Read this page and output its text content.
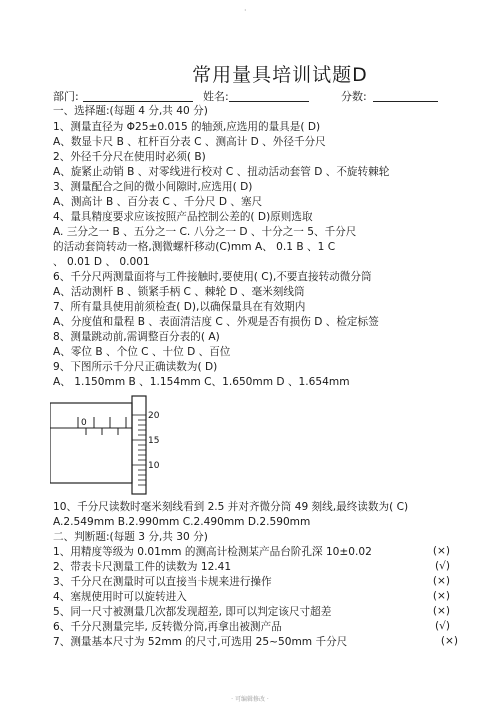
·
常用量具培训试题D
部门:	姓名:	分数:
一、选择题:(每题 4 分,共 40 分)
1、测量直径为 Φ25±0.015 的轴颈,应选用的量具是( D)
A、数显卡尺 B 、杠杆百分表 C 、测高计 D 、外径千分尺
2、外径千分尺在使用时必须( B)
A、旋紧止动销 B 、对零线进行校对 C 、扭动活动套管 D 、不旋转棘轮
3、测量配合之间的微小间隙时,应选用( D)
A、测高计 B 、百分表 C 、千分尺 D 、塞尺
4、量具精度要求应该按照产品控制公差的( D)原则选取
A. 三分之一 B 、五分之一 C. 八分之一 D 、十分之一 5、千分尺
的活动套筒转动一格,测微螺杆移动(C)mm A、 0.1 B 、1 C
、 0.01 D 、 0.001
6、千分尺两测量面将与工件接触时,要使用( C),不要直接转动微分筒
A、活动测杆 B 、锁紧手柄 C 、棘轮 D 、毫米刻线筒
7、所有量具使用前须检查( D),以确保量具在有效期内
A、分度值和量程 B 、表面清洁度 C 、外观是否有损伤 D 、检定标签
8、测量跳动前,需调整百分表的( A)
A、零位 B 、个位 C 、十位 D 、百位
9、下图所示千分尺正确读数为( D)
A、 1.150mm B 、1.154mm C、1.650mm D 、1.654mm
0
20
15
10
10、千分尺读数时毫米刻线看到 2.5 并对齐微分筒 49 刻线,最终读数为( C)
A.2.549mm B.2.990mm C.2.490mm D.2.590mm
二、判断题:(每题 3 分,共 30 分)
1、用精度等级为 0.01mm 的测高计检测某产品台阶孔深 10±0.02	(×)
2、带表卡尺测量工件的读数为 12.41	(√)
3、千分尺在测量时可以直接当卡规来进行操作	(×)
4、塞规使用时可以旋转进入	(×)
5、同一尺寸被测量几次都发现超差, 即可以判定该尺寸超差	(×)
6、千分尺测量完毕, 反转微分筒,再拿出被测产品	(√)
7、测量基本尺寸为 52mm 的尺寸,可选用 25~50mm 千分尺	(×)
· 可编辑修改 ·
